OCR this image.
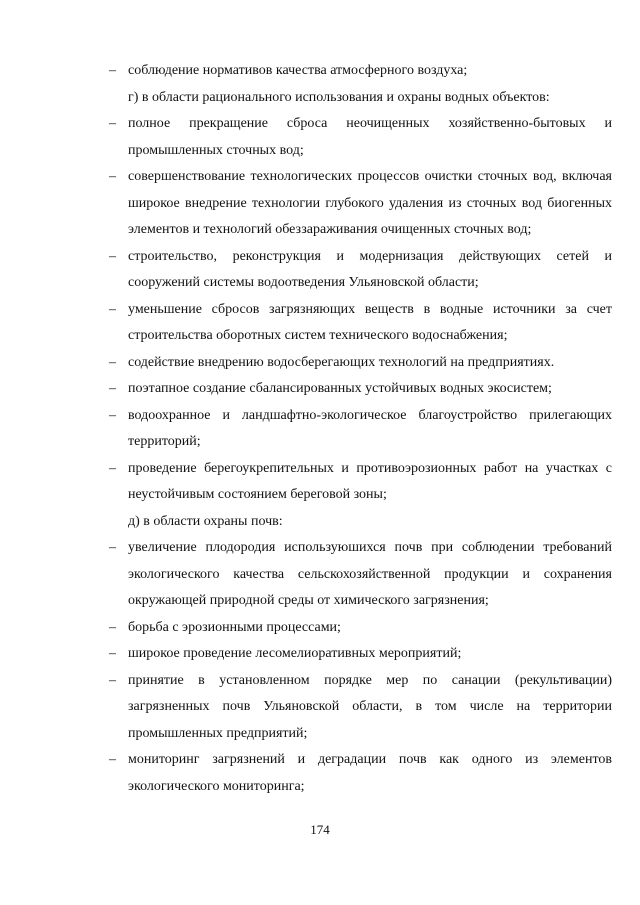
– соблюдение нормативов качества атмосферного воздуха;
г) в области рационального использования и охраны водных объектов:
– полное прекращение сброса неочищенных хозяйственно-бытовых и промышленных сточных вод;
– совершенствование технологических процессов очистки сточных вод, включая широкое внедрение технологии глубокого удаления из сточных вод биогенных элементов и технологий обеззараживания очищенных сточных вод;
– строительство, реконструкция и модернизация действующих сетей и сооружений системы водоотведения Ульяновской области;
– уменьшение сбросов загрязняющих веществ в водные источники за счет строительства оборотных систем технического водоснабжения;
– содействие внедрению водосберегающих технологий на предприятиях.
– поэтапное создание сбалансированных устойчивых водных экосистем;
– водоохранное и ландшафтно-экологическое благоустройство прилегающих территорий;
– проведение берегоукрепительных и противоэрозионных работ на участках с неустойчивым состоянием береговой зоны;
д) в области охраны почв:
– увеличение плодородия используюшихся почв при соблюдении требований экологического качества сельскохозяйственной продукции и сохранения окружающей природной среды от химического загрязнения;
– борьба с эрозионными процессами;
– широкое проведение лесомелиоративных мероприятий;
– принятие в установленном порядке мер по санации (рекультивации) загрязненных почв Ульяновской области, в том числе на территории промышленных предприятий;
– мониторинг загрязнений и деградации почв как одного из элементов экологического мониторинга;
174
